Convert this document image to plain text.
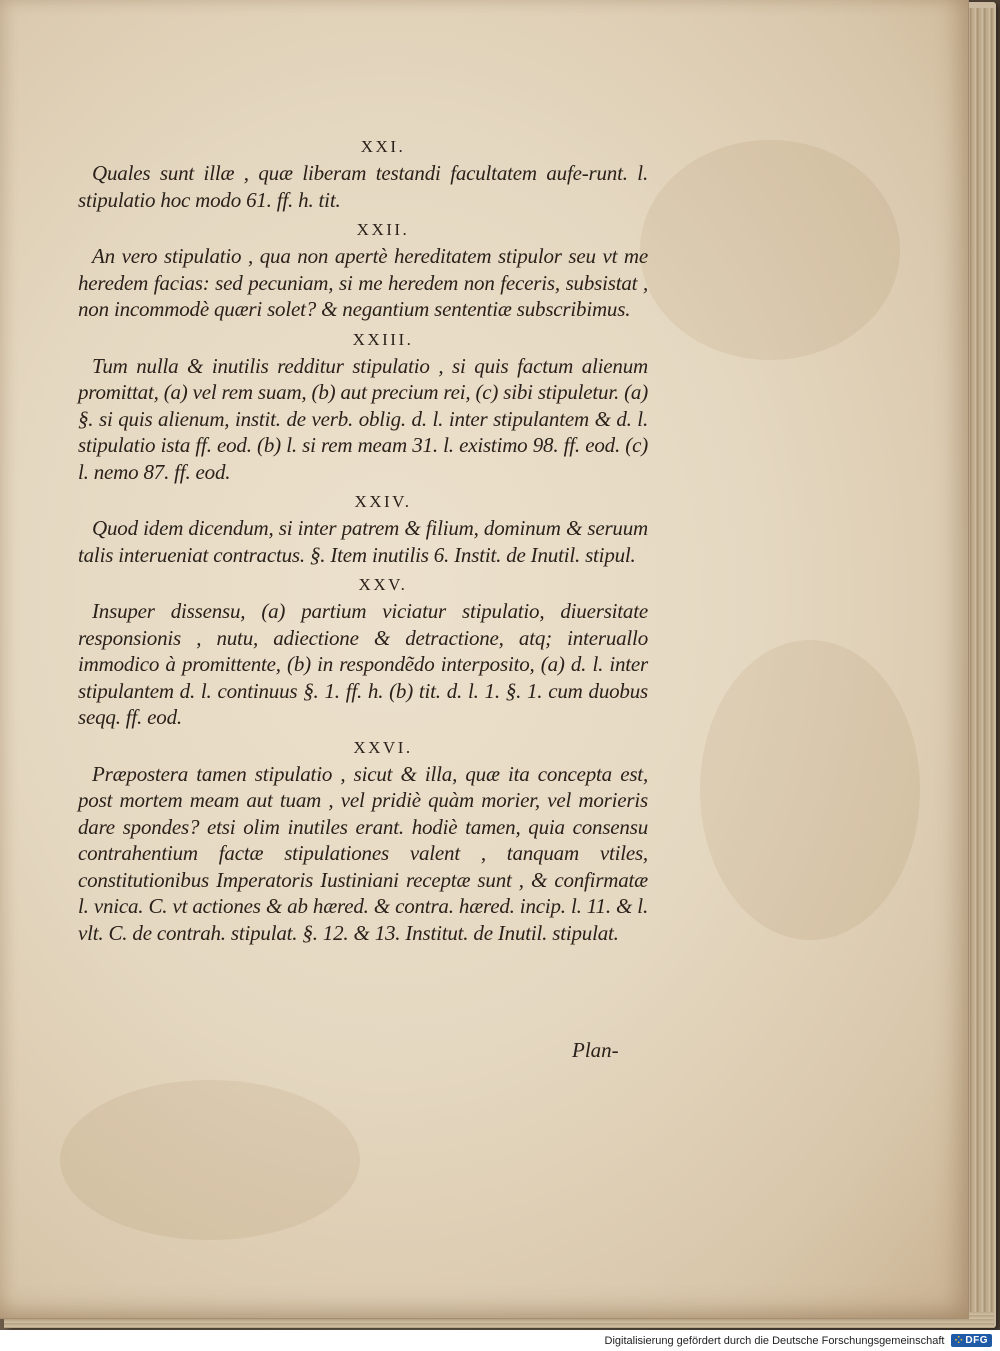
XXI.

Quales sunt illæ , quæ liberam testandi facultatem aufe-runt. l. stipulatio hoc modo 61. ff. h. tit.

XXII.

An vero stipulatio , qua non apertè hereditatem stipulor seu vt me heredem facias: sed pecuniam, si me heredem non feceris, subsistat , non incommodè quæri solet? & negantium sententiæ subscribimus.

XXIII.

Tum nulla & inutilis redditur stipulatio , si quis factum alienum promittat, (a) vel rem suam, (b) aut precium rei, (c) sibi stipuletur. (a) §. si quis alienum, instit. de verb. oblig. d. l. inter stipulantem & d. l. stipulatio ista ff. eod. (b) l. si rem meam 31. l. existimo 98. ff. eod. (c) l. nemo 87. ff. eod.

XXIV.

Quod idem dicendum, si inter patrem & filium, dominum & seruum talis interueniat contractus. §. Item inutilis 6. Instit. de Inutil. stipul.

XXV.

Insuper dissensu, (a) partium viciatur stipulatio, diuersitate responsionis , nutu, adiectione & detractione, atq; interuallo immodico à promittente, (b) in respondẽdo interposito, (a) d. l. inter stipulantem d. l. continuus §. 1. ff. h. (b) tit. d. l. 1. §. 1. cum duobus seqq. ff. eod.

XXVI.

Præpostera tamen stipulatio , sicut & illa, quæ ita concepta est, post mortem meam aut tuam , vel pridiè quàm morier, vel morieris dare spondes? etsi olim inutiles erant. hodiè tamen, quia consensu contrahentium factæ stipulationes valent , tanquam vtiles, constitutionibus Imperatoris Iustiniani receptæ sunt , & confirmatæ l. vnica. C. vt actiones & ab hæred. & contra. hæred. incip. l. 11. & l. vlt. C. de contrah. stipulat. §. 12. & 13. Institut. de Inutil. stipulat.

Plan-
Digitalisierung gefördert durch die Deutsche Forschungsgemeinschaft	⁘ DFG
